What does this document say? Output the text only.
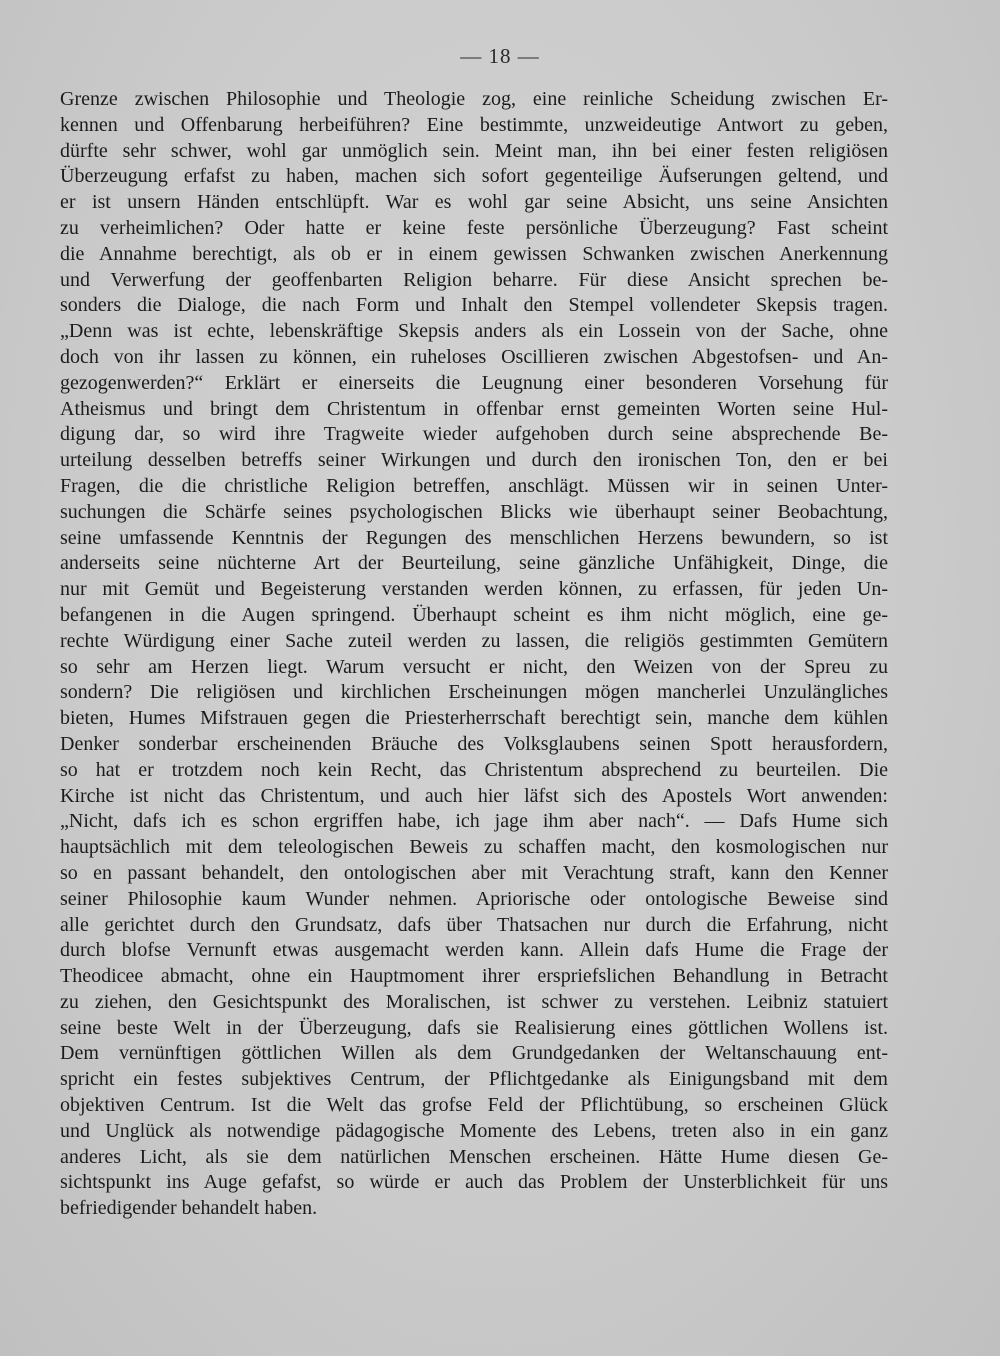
— 18 —
Grenze zwischen Philosophie und Theologie zog, eine reinliche Scheidung zwischen Er-
kennen und Offenbarung herbeiführen? Eine bestimmte, unzweideutige Antwort zu geben,
dürfte sehr schwer, wohl gar unmöglich sein. Meint man, ihn bei einer festen religiösen
Überzeugung erfafst zu haben, machen sich sofort gegenteilige Äufserungen geltend, und
er ist unsern Händen entschlüpft. War es wohl gar seine Absicht, uns seine Ansichten
zu verheimlichen? Oder hatte er keine feste persönliche Überzeugung? Fast scheint
die Annahme berechtigt, als ob er in einem gewissen Schwanken zwischen Anerkennung
und Verwerfung der geoffenbarten Religion beharre. Für diese Ansicht sprechen be-
sonders die Dialoge, die nach Form und Inhalt den Stempel vollendeter Skepsis tragen.
„Denn was ist echte, lebenskräftige Skepsis anders als ein Lossein von der Sache, ohne
doch von ihr lassen zu können, ein ruheloses Oscillieren zwischen Abgestofsen- und An-
gezogenwerden?“ Erklärt er einerseits die Leugnung einer besonderen Vorsehung für
Atheismus und bringt dem Christentum in offenbar ernst gemeinten Worten seine Hul-
digung dar, so wird ihre Tragweite wieder aufgehoben durch seine absprechende Be-
urteilung desselben betreffs seiner Wirkungen und durch den ironischen Ton, den er bei
Fragen, die die christliche Religion betreffen, anschlägt. Müssen wir in seinen Unter-
suchungen die Schärfe seines psychologischen Blicks wie überhaupt seiner Beobachtung,
seine umfassende Kenntnis der Regungen des menschlichen Herzens bewundern, so ist
anderseits seine nüchterne Art der Beurteilung, seine gänzliche Unfähigkeit, Dinge, die
nur mit Gemüt und Begeisterung verstanden werden können, zu erfassen, für jeden Un-
befangenen in die Augen springend. Überhaupt scheint es ihm nicht möglich, eine ge-
rechte Würdigung einer Sache zuteil werden zu lassen, die religiös gestimmten Gemütern
so sehr am Herzen liegt. Warum versucht er nicht, den Weizen von der Spreu zu
sondern? Die religiösen und kirchlichen Erscheinungen mögen mancherlei Unzulängliches
bieten, Humes Mifstrauen gegen die Priesterherrschaft berechtigt sein, manche dem kühlen
Denker sonderbar erscheinenden Bräuche des Volksglaubens seinen Spott herausfordern,
so hat er trotzdem noch kein Recht, das Christentum absprechend zu beurteilen. Die
Kirche ist nicht das Christentum, und auch hier läfst sich des Apostels Wort anwenden:
„Nicht, dafs ich es schon ergriffen habe, ich jage ihm aber nach“. — Dafs Hume sich
hauptsächlich mit dem teleologischen Beweis zu schaffen macht, den kosmologischen nur
so en passant behandelt, den ontologischen aber mit Verachtung straft, kann den Kenner
seiner Philosophie kaum Wunder nehmen. Apriorische oder ontologische Beweise sind
alle gerichtet durch den Grundsatz, dafs über Thatsachen nur durch die Erfahrung, nicht
durch blofse Vernunft etwas ausgemacht werden kann. Allein dafs Hume die Frage der
Theodicee abmacht, ohne ein Hauptmoment ihrer erspriefslichen Behandlung in Betracht
zu ziehen, den Gesichtspunkt des Moralischen, ist schwer zu verstehen. Leibniz statuiert
seine beste Welt in der Überzeugung, dafs sie Realisierung eines göttlichen Wollens ist.
Dem vernünftigen göttlichen Willen als dem Grundgedanken der Weltanschauung ent-
spricht ein festes subjektives Centrum, der Pflichtgedanke als Einigungsband mit dem
objektiven Centrum. Ist die Welt das grofse Feld der Pflichtübung, so erscheinen Glück
und Unglück als notwendige pädagogische Momente des Lebens, treten also in ein ganz
anderes Licht, als sie dem natürlichen Menschen erscheinen. Hätte Hume diesen Ge-
sichtspunkt ins Auge gefafst, so würde er auch das Problem der Unsterblichkeit für uns
befriedigender behandelt haben.
